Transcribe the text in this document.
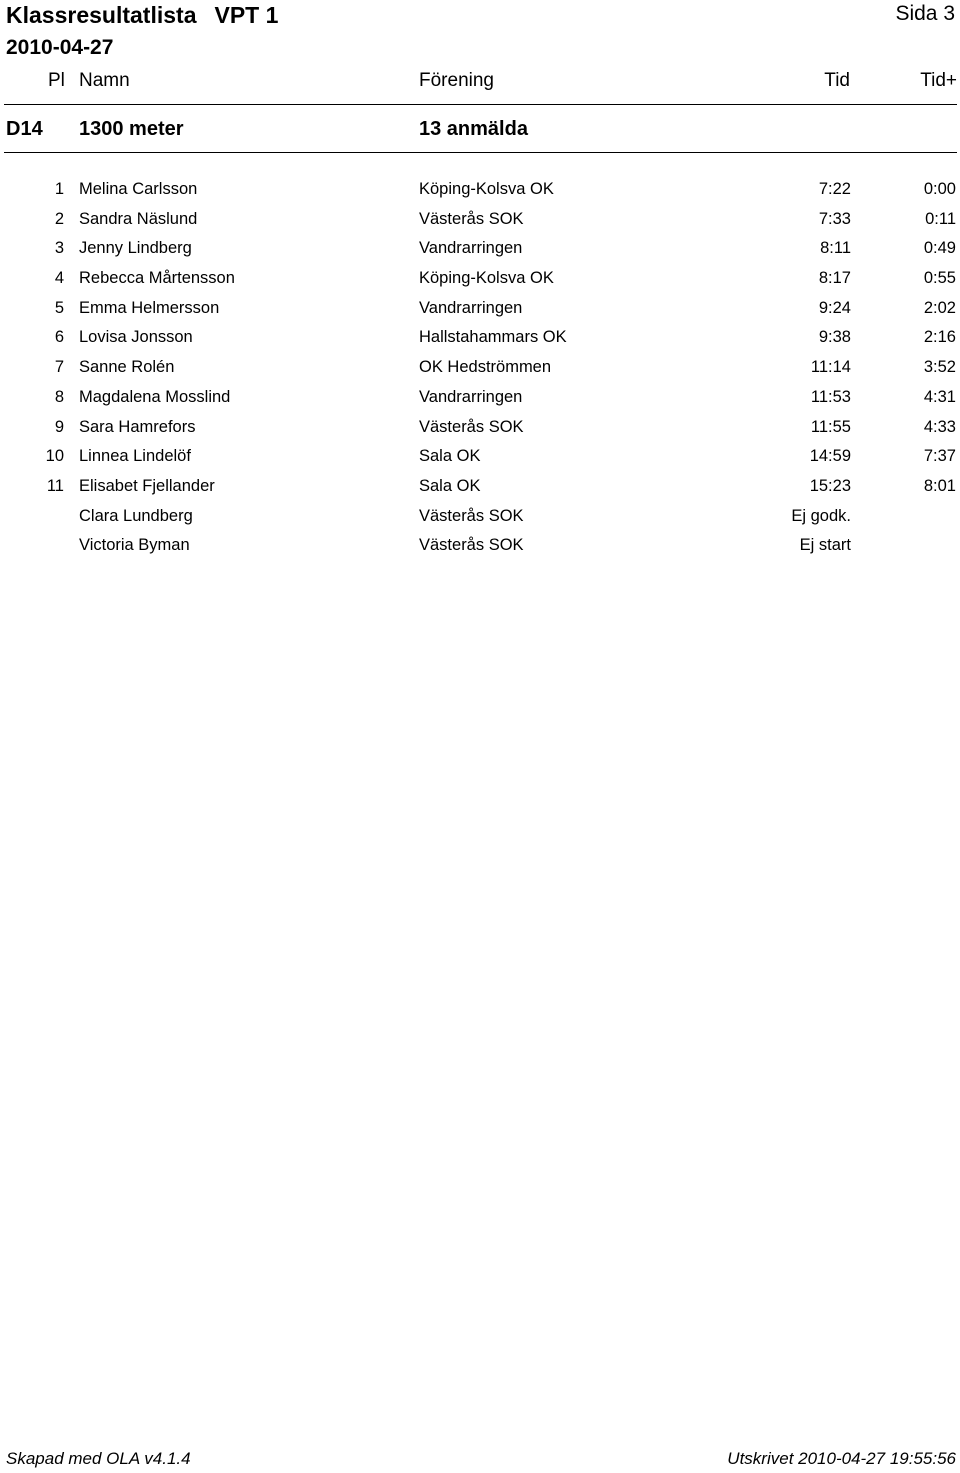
Klassresultatlista VPT 1	Sida 3
2010-04-27
Pl Namn	Förening	Tid	Tid+
D14 1300 meter	13 anmälda
1 Melina Carlsson	Köping-Kolsva OK	7:22	0:00
2 Sandra Näslund	Västerås SOK	7:33	0:11
3 Jenny Lindberg	Vandrarringen	8:11	0:49
4 Rebecca Mårtensson	Köping-Kolsva OK	8:17	0:55
5 Emma Helmersson	Vandrarringen	9:24	2:02
6 Lovisa Jonsson	Hallstahammars OK	9:38	2:16
7 Sanne Rolén	OK Hedströmmen	11:14	3:52
8 Magdalena Mosslind	Vandrarringen	11:53	4:31
9 Sara Hamrefors	Västerås SOK	11:55	4:33
10 Linnea Lindelöf	Sala OK	14:59	7:37
11 Elisabet Fjellander	Sala OK	15:23	8:01
Clara Lundberg	Västerås SOK	Ej godk.
Victoria Byman	Västerås SOK	Ej start
Skapad med OLA v4.1.4	Utskrivet 2010-04-27 19:55:56
